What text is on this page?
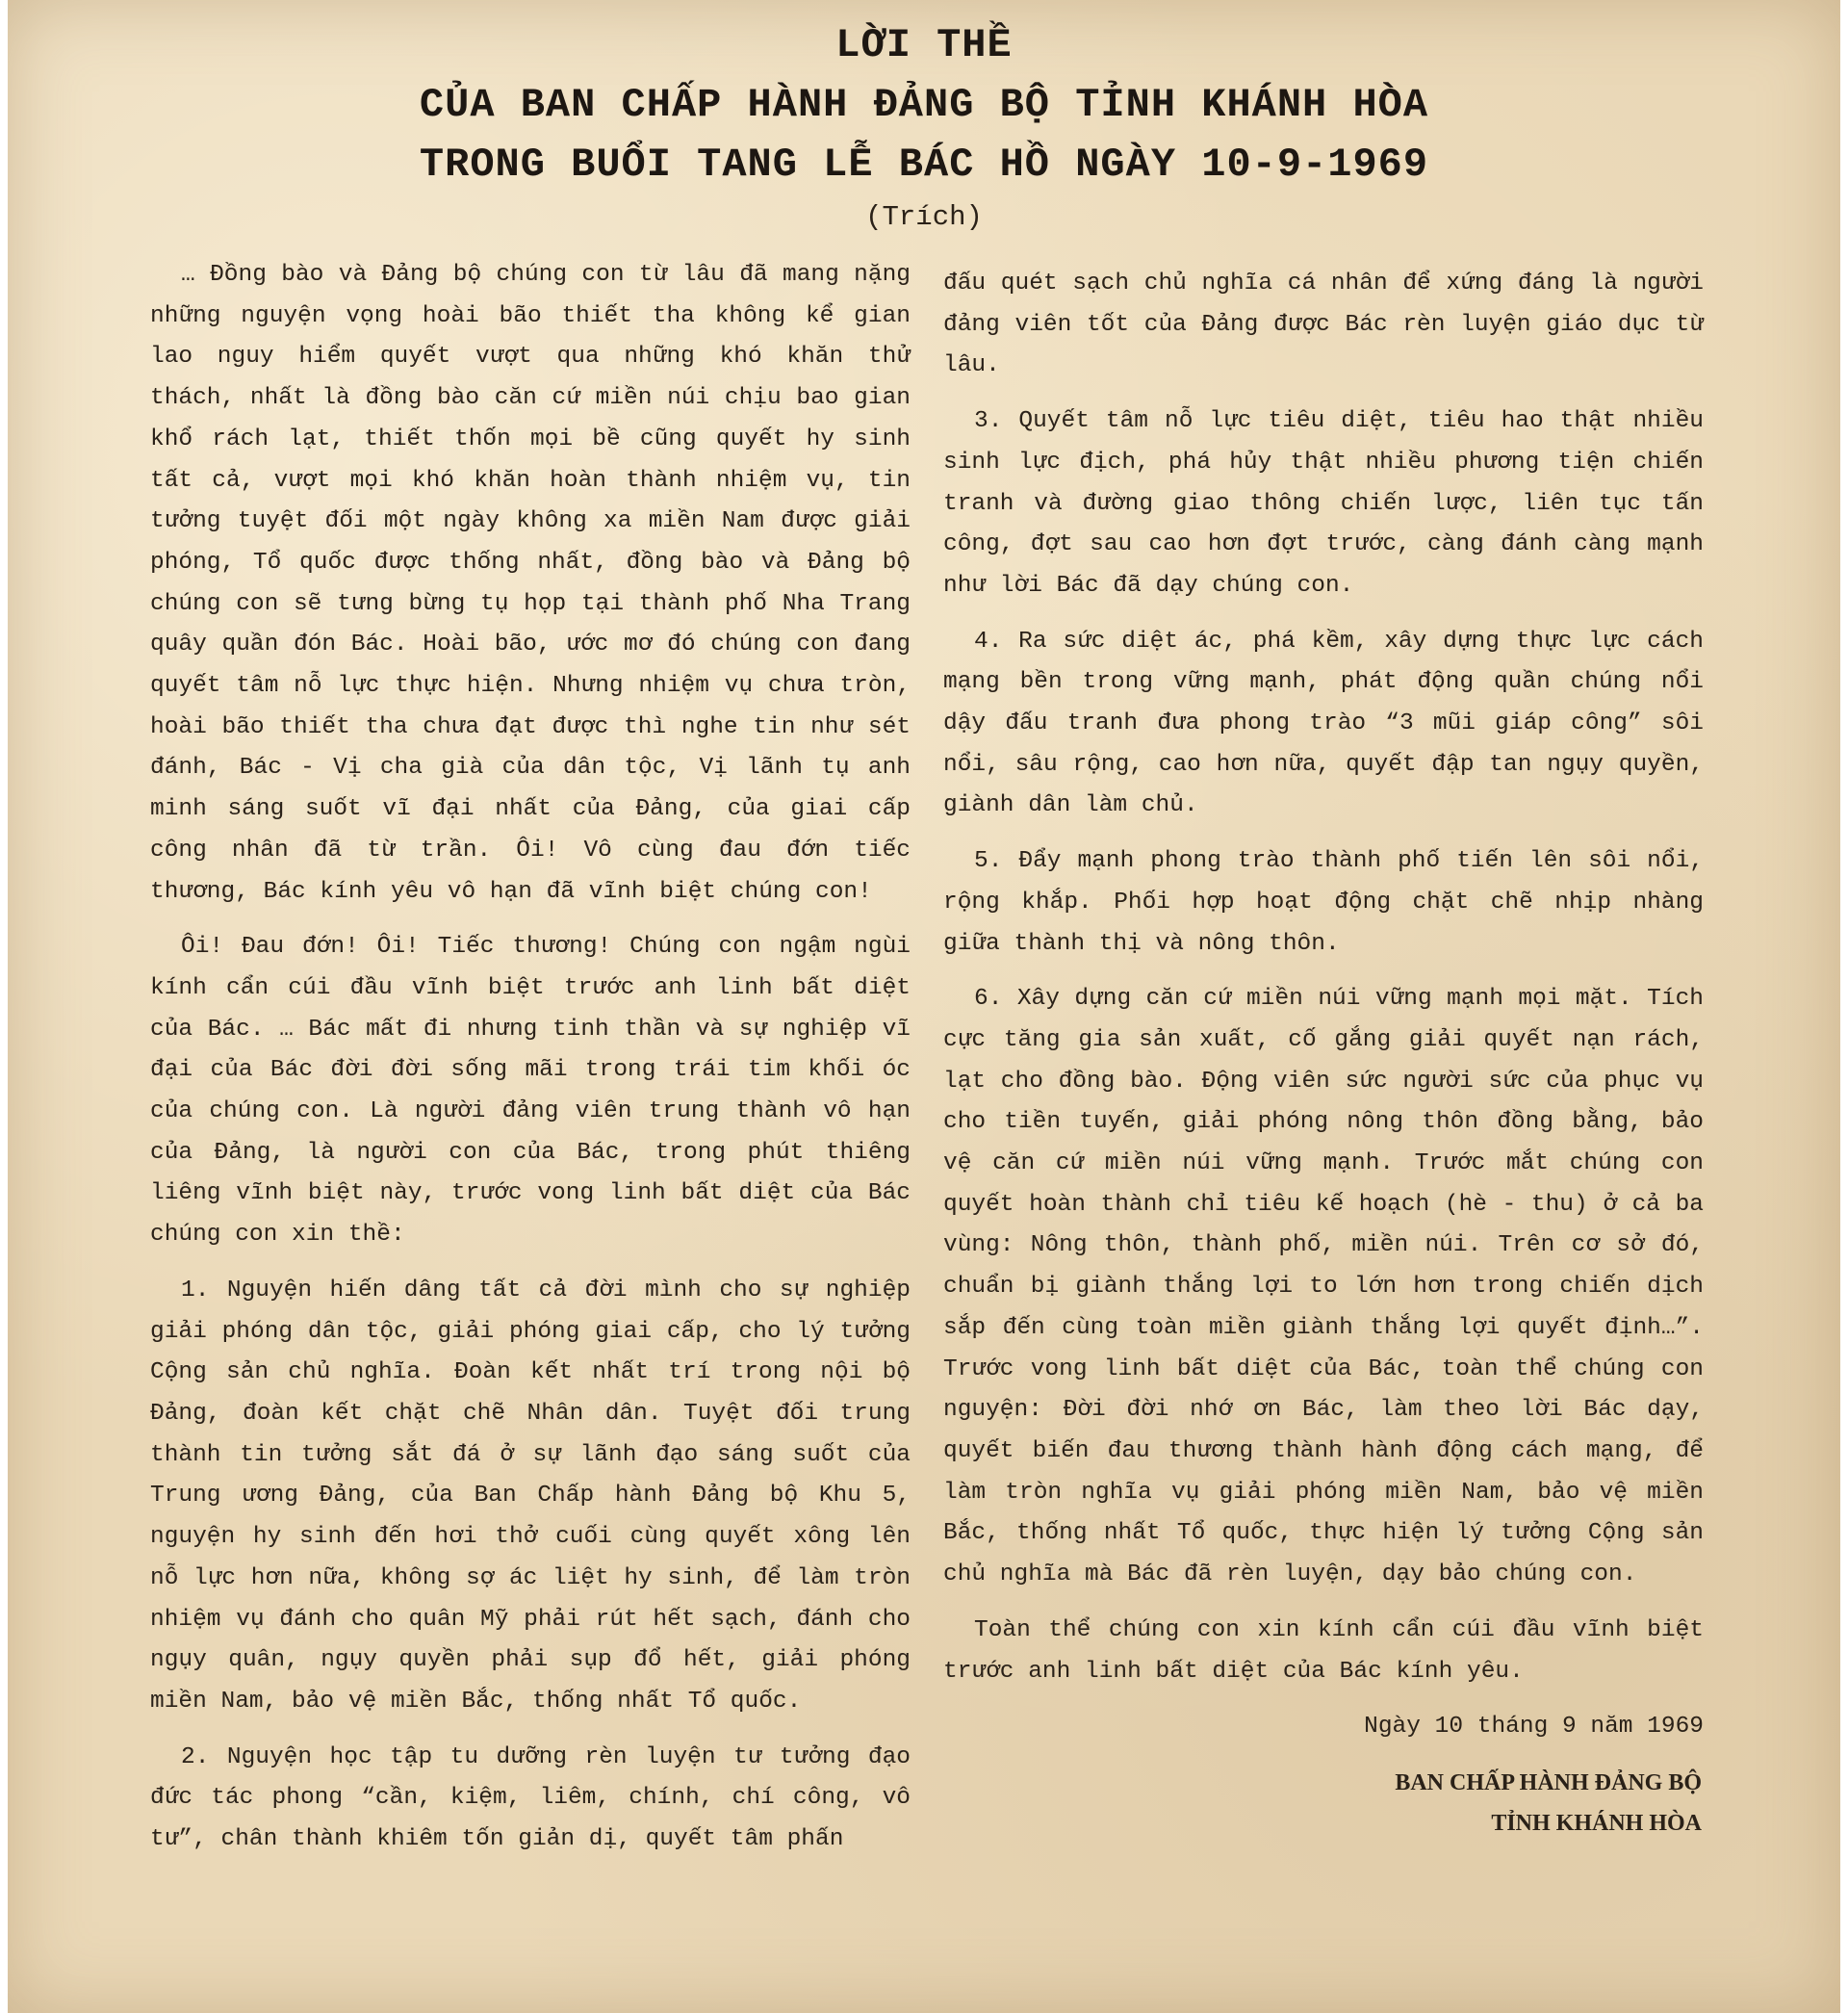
LỜI THỀ
CỦA BAN CHẤP HÀNH ĐẢNG BỘ TỈNH KHÁNH HÒA
TRONG BUỔI TANG LỄ BÁC HỒ NGÀY 10-9-1969
(Trích)

… Đồng bào và Đảng bộ chúng con từ lâu đã mang nặng những nguyện vọng hoài bão thiết tha không kể gian lao nguy hiểm quyết vượt qua những khó khăn thử thách, nhất là đồng bào căn cứ miền núi chịu bao gian khổ rách lạt, thiết thốn mọi bề cũng quyết hy sinh tất cả, vượt mọi khó khăn hoàn thành nhiệm vụ, tin tưởng tuyệt đối một ngày không xa miền Nam được giải phóng, Tổ quốc được thống nhất, đồng bào và Đảng bộ chúng con sẽ tưng bừng tụ họp tại thành phố Nha Trang quây quần đón Bác. Hoài bão, ước mơ đó chúng con đang quyết tâm nỗ lực thực hiện. Nhưng nhiệm vụ chưa tròn, hoài bão thiết tha chưa đạt được thì nghe tin như sét đánh, Bác - Vị cha già của dân tộc, Vị lãnh tụ anh minh sáng suốt vĩ đại nhất của Đảng, của giai cấp công nhân đã từ trần. Ôi! Vô cùng đau đớn tiếc thương, Bác kính yêu vô hạn đã vĩnh biệt chúng con!

Ôi! Đau đớn! Ôi! Tiếc thương! Chúng con ngậm ngùi kính cẩn cúi đầu vĩnh biệt trước anh linh bất diệt của Bác. … Bác mất đi nhưng tinh thần và sự nghiệp vĩ đại của Bác đời đời sống mãi trong trái tim khối óc của chúng con. Là người đảng viên trung thành vô hạn của Đảng, là người con của Bác, trong phút thiêng liêng vĩnh biệt này, trước vong linh bất diệt của Bác chúng con xin thề:

1. Nguyện hiến dâng tất cả đời mình cho sự nghiệp giải phóng dân tộc, giải phóng giai cấp, cho lý tưởng Cộng sản chủ nghĩa. Đoàn kết nhất trí trong nội bộ Đảng, đoàn kết chặt chẽ Nhân dân. Tuyệt đối trung thành tin tưởng sắt đá ở sự lãnh đạo sáng suốt của Trung ương Đảng, của Ban Chấp hành Đảng bộ Khu 5, nguyện hy sinh đến hơi thở cuối cùng quyết xông lên nỗ lực hơn nữa, không sợ ác liệt hy sinh, để làm tròn nhiệm vụ đánh cho quân Mỹ phải rút hết sạch, đánh cho ngụy quân, ngụy quyền phải sụp đổ hết, giải phóng miền Nam, bảo vệ miền Bắc, thống nhất Tổ quốc.

2. Nguyện học tập tu dưỡng rèn luyện tư tưởng đạo đức tác phong “cần, kiệm, liêm, chính, chí công, vô tư”, chân thành khiêm tốn giản dị, quyết tâm phấn

đấu quét sạch chủ nghĩa cá nhân để xứng đáng là người đảng viên tốt của Đảng được Bác rèn luyện giáo dục từ lâu.

3. Quyết tâm nỗ lực tiêu diệt, tiêu hao thật nhiều sinh lực địch, phá hủy thật nhiều phương tiện chiến tranh và đường giao thông chiến lược, liên tục tấn công, đợt sau cao hơn đợt trước, càng đánh càng mạnh như lời Bác đã dạy chúng con.

4. Ra sức diệt ác, phá kềm, xây dựng thực lực cách mạng bền trong vững mạnh, phát động quần chúng nổi dậy đấu tranh đưa phong trào “3 mũi giáp công” sôi nổi, sâu rộng, cao hơn nữa, quyết đập tan ngụy quyền, giành dân làm chủ.

5. Đẩy mạnh phong trào thành phố tiến lên sôi nổi, rộng khắp. Phối hợp hoạt động chặt chẽ nhịp nhàng giữa thành thị và nông thôn.

6. Xây dựng căn cứ miền núi vững mạnh mọi mặt. Tích cực tăng gia sản xuất, cố gắng giải quyết nạn rách, lạt cho đồng bào. Động viên sức người sức của phục vụ cho tiền tuyến, giải phóng nông thôn đồng bằng, bảo vệ căn cứ miền núi vững mạnh. Trước mắt chúng con quyết hoàn thành chỉ tiêu kế hoạch (hè - thu) ở cả ba vùng: Nông thôn, thành phố, miền núi. Trên cơ sở đó, chuẩn bị giành thắng lợi to lớn hơn trong chiến dịch sắp đến cùng toàn miền giành thắng lợi quyết định…”. Trước vong linh bất diệt của Bác, toàn thể chúng con nguyện: Đời đời nhớ ơn Bác, làm theo lời Bác dạy, quyết biến đau thương thành hành động cách mạng, để làm tròn nghĩa vụ giải phóng miền Nam, bảo vệ miền Bắc, thống nhất Tổ quốc, thực hiện lý tưởng Cộng sản chủ nghĩa mà Bác đã rèn luyện, dạy bảo chúng con.

Toàn thể chúng con xin kính cẩn cúi đầu vĩnh biệt trước anh linh bất diệt của Bác kính yêu.

Ngày 10 tháng 9 năm 1969

BAN CHẤP HÀNH ĐẢNG BỘ
TỈNH KHÁNH HÒA
